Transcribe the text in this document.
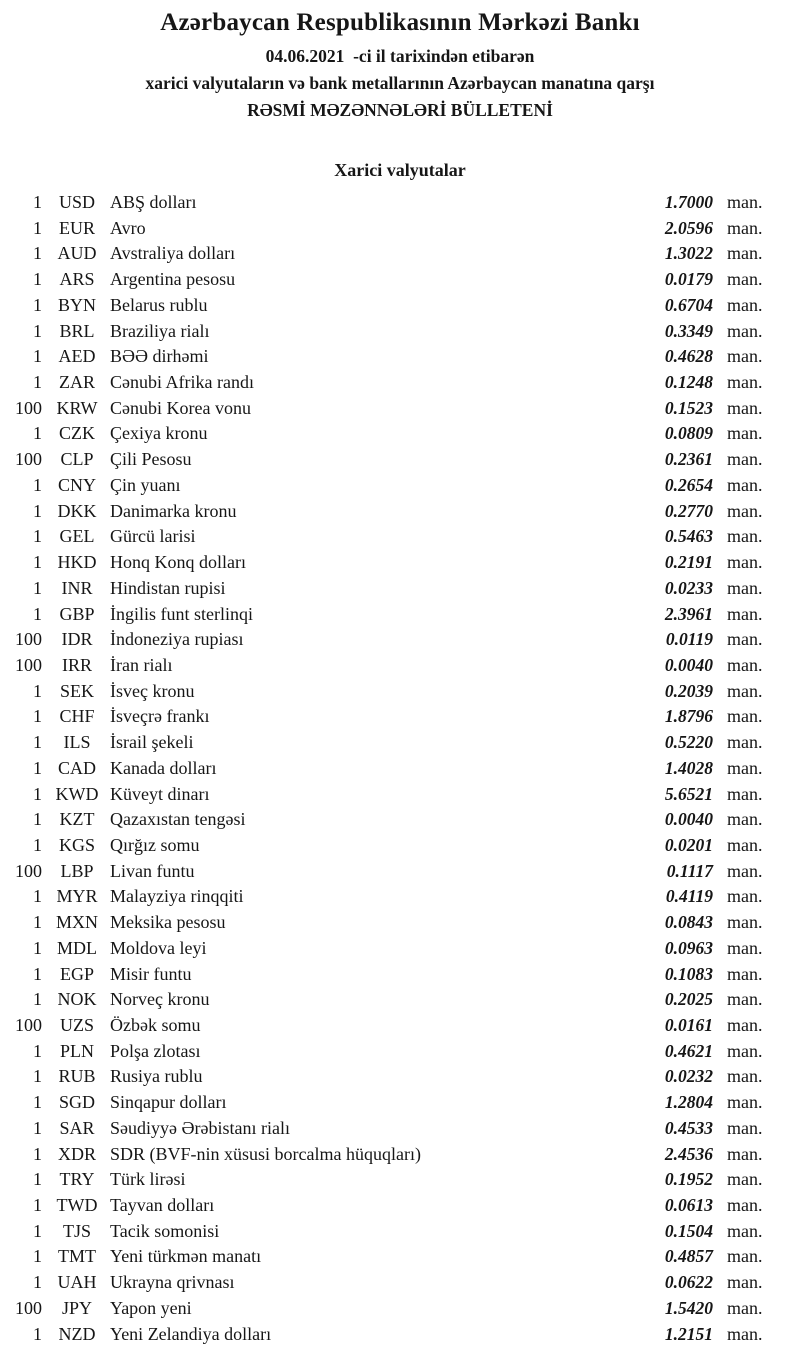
Azərbaycan Respublikasının Mərkəzi Bankı

04.06.2021  -ci il tarixindən etibarən

xarici valyutaların və bank metallarının Azərbaycan manatına qarşı

RƏSMİ MƏZƏNNƏLƏRİ BÜLLETENİ

Xarici valyutalar
1 USD ABŞ dolları	1.7000 man.
1 EUR Avro	2.0596 man.
1 AUD Avstraliya dolları	1.3022 man.
1 ARS Argentina pesosu	0.0179 man.
1 BYN Belarus rublu	0.6704 man.
1 BRL Braziliya rialı	0.3349 man.
1 AED BƏƏ dirhəmi	0.4628 man.
1 ZAR Cənubi Afrika randı	0.1248 man.
100 KRW Cənubi Korea vonu	0.1523 man.
1 CZK Çexiya kronu	0.0809 man.
100	CLP Çili Pesosu	0.2361 man.
1 CNY Çin yuanı	0.2654 man.
1 DKK Danimarka kronu	0.2770 man.
1 GEL Gürcü larisi	0.5463 man.
1 HKD Honq Konq dolları	0.2191 man.
1	INR Hindistan rupisi	0.0233 man.
1 GBP İngilis funt sterlinqi	2.3961 man.
100	IDR İndoneziya rupiası	0.0119 man.
100	IRR	İran rialı	0.0040 man.
1 SEK İsveç kronu	0.2039 man.
1 CHF İsveçrə frankı	1.8796 man.
1	ILS	İsrail şekeli	0.5220 man.
1 CAD Kanada dolları	1.4028 man.
1 KWD Küveyt dinarı	5.6521 man.
1 KZT Qazaxıstan tengəsi	0.0040 man.
1 KGS Qırğız somu	0.0201 man.
100	LBP Livan funtu	0.1117 man.
1 MYR Malayziya rinqqiti	0.4119 man.
1 MXN Meksika pesosu	0.0843 man.
1 MDL Moldova leyi	0.0963 man.
1 EGP Misir funtu	0.1083 man.
1 NOK Norveç kronu	0.2025 man.
100 UZS Özbək somu	0.0161 man.
1 PLN Polşa zlotası	0.4621 man.
1 RUB Rusiya rublu	0.0232 man.
1 SGD Sinqapur dolları	1.2804 man.
1 SAR Səudiyyə Ərəbistanı rialı	0.4533 man.
1 XDR SDR (BVF-nin xüsusi borcalma hüquqları)	2.4536 man.
1 TRY Türk lirəsi	0.1952 man.
1 TWD Tayvan dolları	0.0613 man.
1	TJS	Tacik somonisi	0.1504 man.
1 TMT Yeni türkmən manatı	0.4857 man.
1 UAH Ukrayna qrivnası	0.0622 man.
100	JPY	Yapon yeni	1.5420 man.
1 NZD Yeni Zelandiya dolları	1.2151 man.
